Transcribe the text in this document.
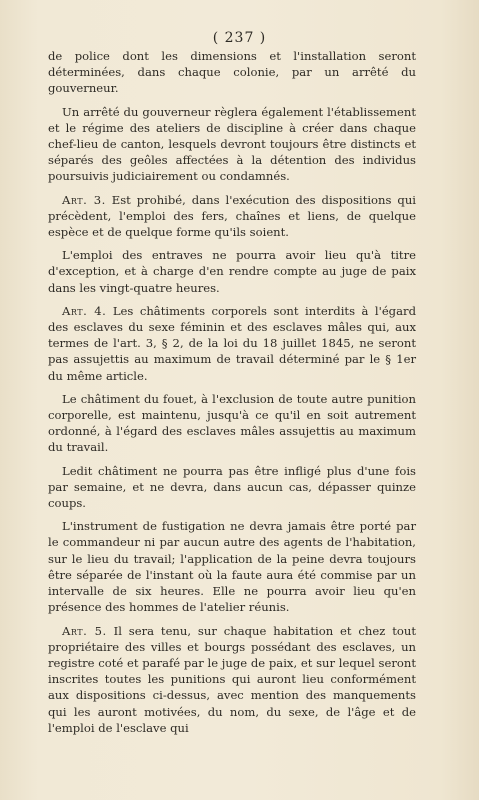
( 237 )

de police dont les dimensions et l'installation seront déterminées, dans chaque colonie, par un arrêté du gouverneur.

Un arrêté du gouverneur règlera également l'établissement et le régime des ateliers de discipline à créer dans chaque chef-lieu de canton, lesquels devront toujours être distincts et séparés des geôles affectées à la détention des individus poursuivis judiciairement ou condamnés.

Art. 3. Est prohibé, dans l'exécution des dispositions qui précèdent, l'emploi des fers, chaînes et liens, de quelque espèce et de quelque forme qu'ils soient.

L'emploi des entraves ne pourra avoir lieu qu'à titre d'exception, et à charge d'en rendre compte au juge de paix dans les vingt-quatre heures.

Art. 4. Les châtiments corporels sont interdits à l'égard des esclaves du sexe féminin et des esclaves mâles qui, aux termes de l'art. 3, § 2, de la loi du 18 juillet 1845, ne seront pas assujettis au maximum de travail déterminé par le § 1er du même article.

Le châtiment du fouet, à l'exclusion de toute autre punition corporelle, est maintenu, jusqu'à ce qu'il en soit autrement ordonné, à l'égard des esclaves mâles assujettis au maximum du travail.

Ledit châtiment ne pourra pas être infligé plus d'une fois par semaine, et ne devra, dans aucun cas, dépasser quinze coups.

L'instrument de fustigation ne devra jamais être porté par le commandeur ni par aucun autre des agents de l'habitation, sur le lieu du travail; l'application de la peine devra toujours être séparée de l'instant où la faute aura été commise par un intervalle de six heures. Elle ne pourra avoir lieu qu'en présence des hommes de l'atelier réunis.

Art. 5. Il sera tenu, sur chaque habitation et chez tout propriétaire des villes et bourgs possédant des esclaves, un registre coté et parafé par le juge de paix, et sur lequel seront inscrites toutes les punitions qui auront lieu conformément aux dispositions ci-dessus, avec mention des manquements qui les auront motivées, du nom, du sexe, de l'âge et de l'emploi de l'esclave qui
